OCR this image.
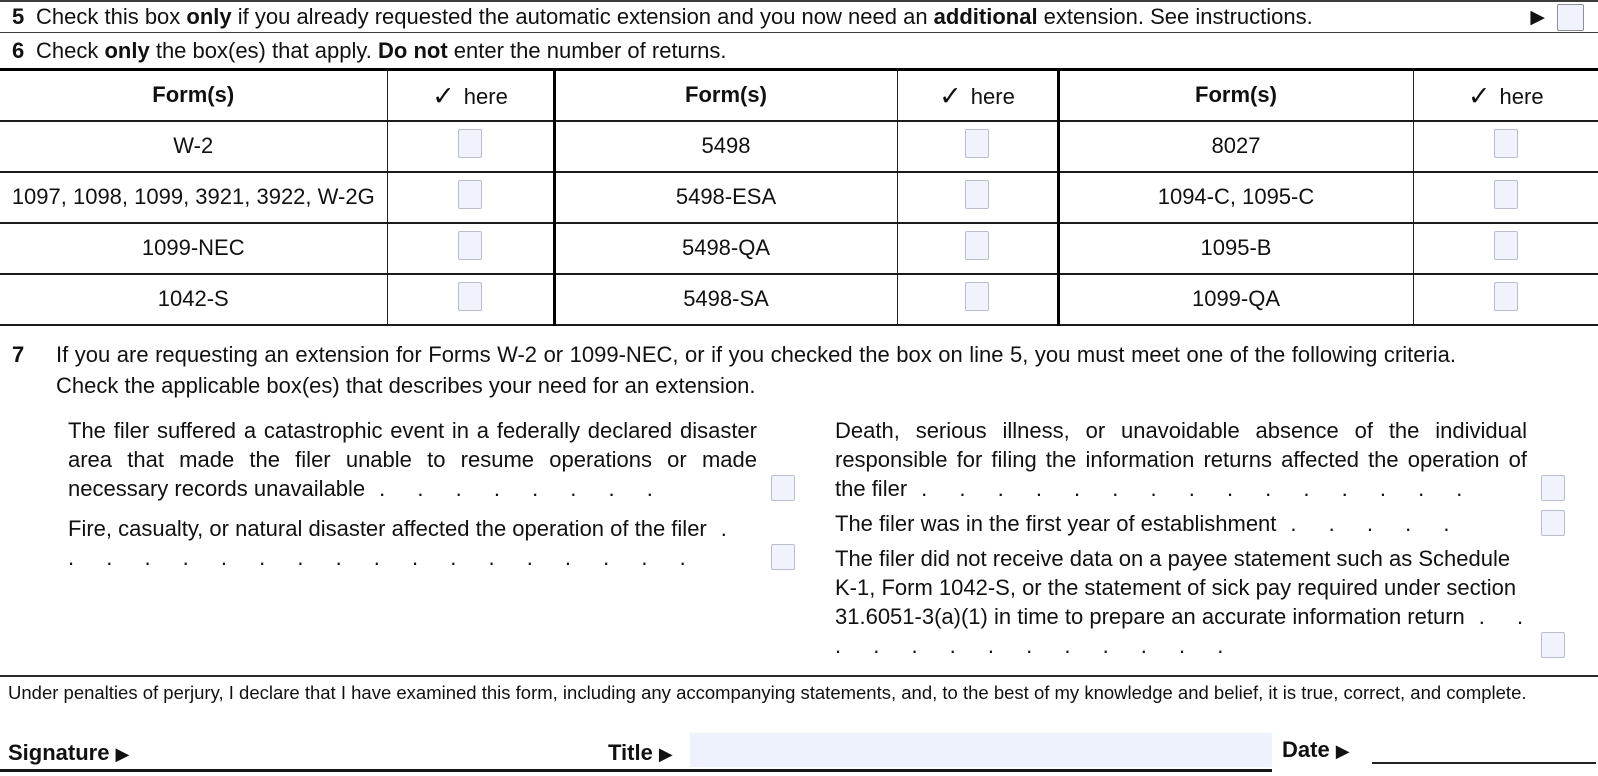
5 Check this box only if you already requested the automatic extension and you now need an additional extension. See instructions.	▶
6 Check only the box(es) that apply. Do not enter the number of returns.
Form(s)	✓ here	Form(s)	✓ here	Form(s)	✓ here
W-2		5498		8027	
1097, 1098, 1099, 3921, 3922, W-2G		5498-ESA		1094-C, 1095-C	
1099-NEC		5498-QA		1095-B	
1042-S		5498-SA		1099-QA	
7	If you are requesting an extension for Forms W-2 or 1099-NEC, or if you checked the box on line 5, you must meet one of the following criteria. Check the applicable box(es) that describes your need for an extension.
The filer suffered a catastrophic event in a federally declared disaster area that made the filer unable to resume operations or made necessary records unavailable . . . . . . . .
Fire, casualty, or natural disaster affected the operation of the filer . . . . . . . . . . . . . . . . . .
Death, serious illness, or unavoidable absence of the individual responsible for filing the information returns affected the operation of the filer . . . . . . . . . . . . . . .
The filer was in the first year of establishment . . . . .
The filer did not receive data on a payee statement such as Schedule K-1, Form 1042-S, or the statement of sick pay required under section 31.6051-3(a)(1) in time to prepare an accurate information return . . . . . . . . . . . . .
Under penalties of perjury, I declare that I have examined this form, including any accompanying statements, and, to the best of my knowledge and belief, it is true, correct, and complete.
Signature ▶	Title ▶	Date ▶
